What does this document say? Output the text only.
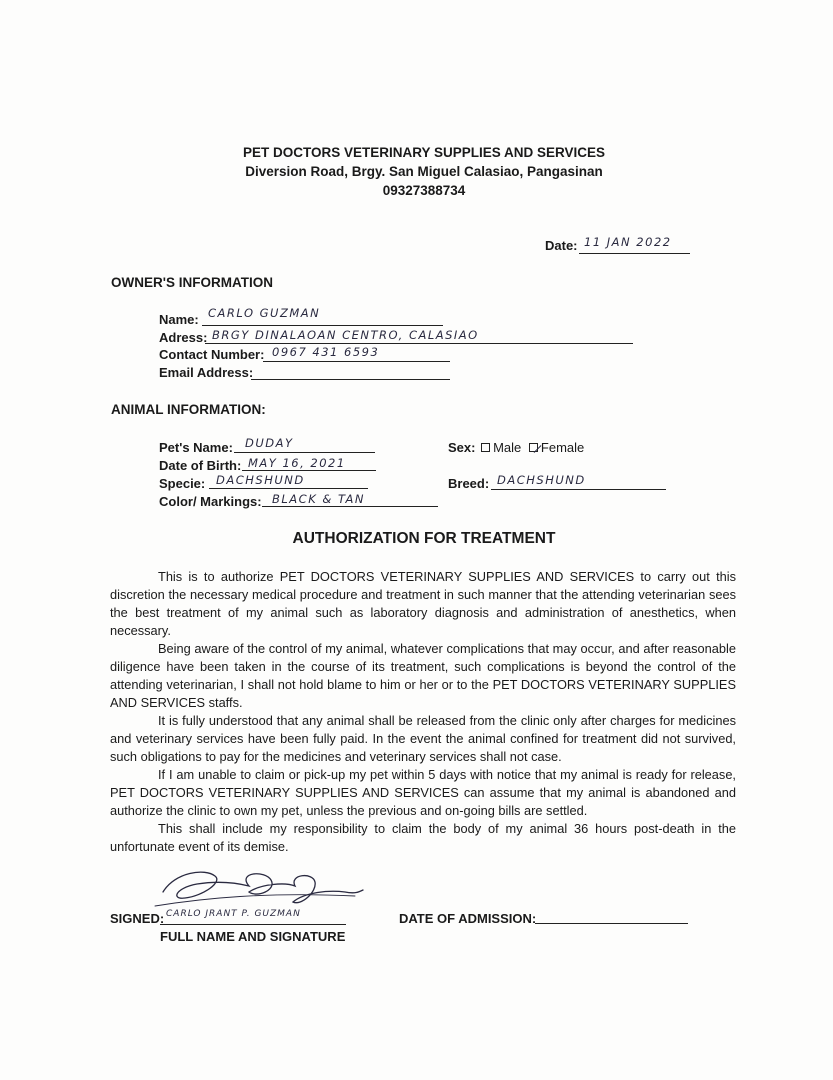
PET DOCTORS VETERINARY SUPPLIES AND SERVICES
Diversion Road, Brgy. San Miguel Calasiao, Pangasinan
09327388734
Date: 11 JAN 2022
OWNER'S INFORMATION
Name: CARLO GUZMAN
Adress: BRGY DINALAOAN CENTRO, CALASIAO
Contact Number: 0967 431 6593
Email Address:
ANIMAL INFORMATION:
Pet's Name: DUDAY
Date of Birth: MAY 16, 2021
Specie: DACHSHUND
Color/ Markings: BLACK & TAN
Sex: Male Female
Breed: DACHSHUND
AUTHORIZATION FOR TREATMENT

This is to authorize PET DOCTORS VETERINARY SUPPLIES AND SERVICES to carry out this discretion the necessary medical procedure and treatment in such manner that the attending veterinarian sees the best treatment of my animal such as laboratory diagnosis and administration of anesthetics, when necessary.

Being aware of the control of my animal, whatever complications that may occur, and after reasonable diligence have been taken in the course of its treatment, such complications is beyond the control of the attending veterinarian, I shall not hold blame to him or her or to the PET DOCTORS VETERINARY SUPPLIES AND SERVICES staffs.

It is fully understood that any animal shall be released from the clinic only after charges for medicines and veterinary services have been fully paid. In the event the animal confined for treatment did not survived, such obligations to pay for the medicines and veterinary services shall not case.

If I am unable to claim or pick-up my pet within 5 days with notice that my animal is ready for release, PET DOCTORS VETERINARY SUPPLIES AND SERVICES can assume that my animal is abandoned and authorize the clinic to own my pet, unless the previous and on-going bills are settled.

This shall include my responsibility to claim the body of my animal 36 hours post-death in the unfortunate event of its demise.

SIGNED: CARLO JRANT P. GUZMAN
FULL NAME AND SIGNATURE
DATE OF ADMISSION:
